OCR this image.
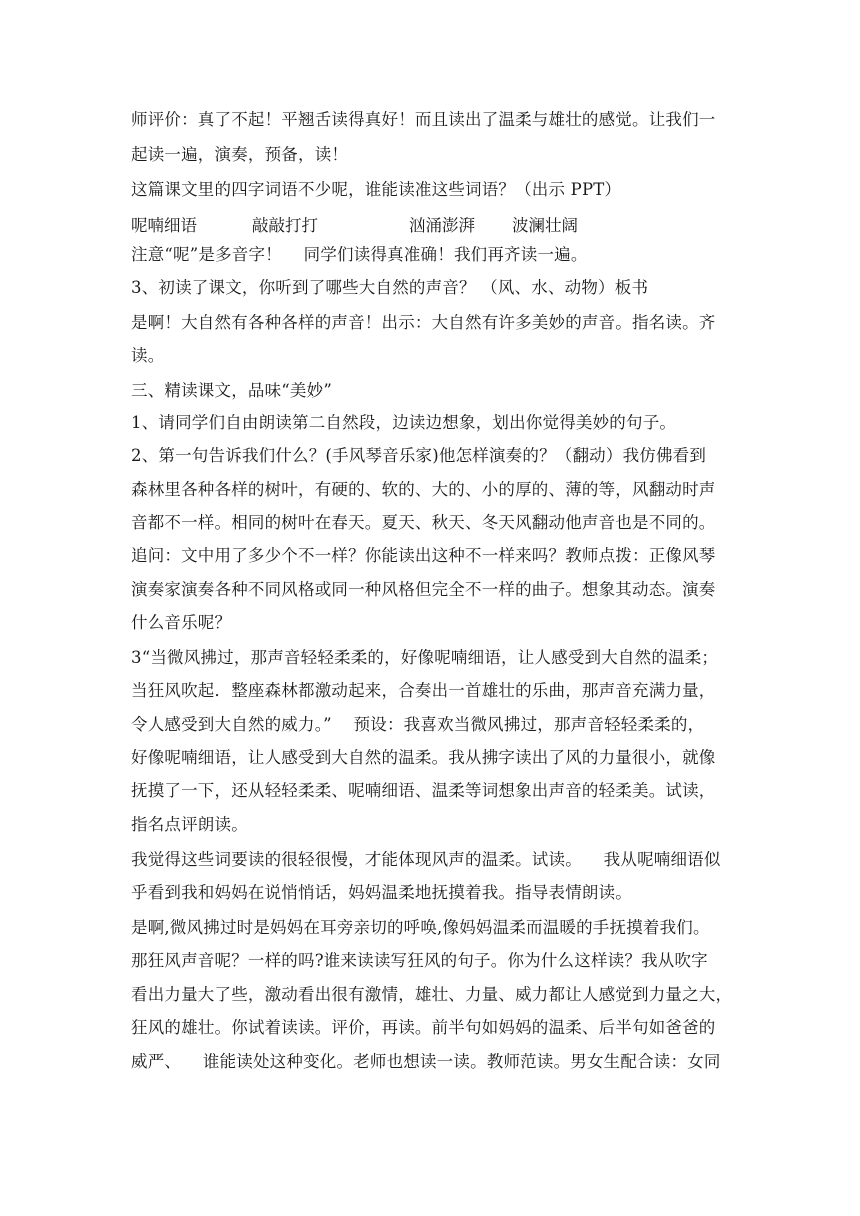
师评价：真了不起！平翘舌读得真好！而且读出了温柔与雄壮的感觉。让我们一
起读一遍，演奏，预备，读！
这篇课文里的四字词语不少呢，谁能读准这些词语？（出示 PPT）
注意“呢”是多音字！    同学们读得真准确！我们再齐读一遍。
3、初读了课文，你听到了哪些大自然的声音？ （风、水、动物）板书
是啊！大自然有各种各样的声音！出示：大自然有许多美妙的声音。指名读。齐
读。
三、精读课文，品味“美妙”
1、请同学们自由朗读第二自然段，边读边想象，划出你觉得美妙的句子。
2、第一句告诉我们什么？(手风琴音乐家)他怎样演奏的？（翻动）我仿佛看到
森林里各种各样的树叶，有硬的、软的、大的、小的厚的、薄的等，风翻动时声
音都不一样。相同的树叶在春天。夏天、秋天、冬天风翻动他声音也是不同的。
追问：文中用了多少个不一样？你能读出这种不一样来吗？教师点拨：正像风琴
演奏家演奏各种不同风格或同一种风格但完全不一样的曲子。想象其动态。演奏
什么音乐呢？
3“当微风拂过，那声音轻轻柔柔的，好像呢喃细语，让人感受到大自然的温柔；
当狂风吹起．整座森林都激动起来，合奏出一首雄壮的乐曲，那声音充满力量，
令人感受到大自然的威力。”    预设：我喜欢当微风拂过，那声音轻轻柔柔的，
好像呢喃细语，让人感受到大自然的温柔。我从拂字读出了风的力量很小，就像
抚摸了一下，还从轻轻柔柔、呢喃细语、温柔等词想象出声音的轻柔美。试读，
指名点评朗读。
我觉得这些词要读的很轻很慢，才能体现风声的温柔。试读。    我从呢喃细语似
乎看到我和妈妈在说悄悄话，妈妈温柔地抚摸着我。指导表情朗读。
是啊,微风拂过时是妈妈在耳旁亲切的呼唤,像妈妈温柔而温暖的手抚摸着我们。
那狂风声音呢？一样的吗?谁来读读写狂风的句子。你为什么这样读？我从吹字
看出力量大了些，激动看出很有激情，雄壮、力量、威力都让人感觉到力量之大，
狂风的雄壮。你试着读读。评价，再读。前半句如妈妈的温柔、后半句如爸爸的
威严、    谁能读处这种变化。老师也想读一读。教师范读。男女生配合读：女同
呢喃细语	敲敲打打	汹涌澎湃 波澜壮阔
